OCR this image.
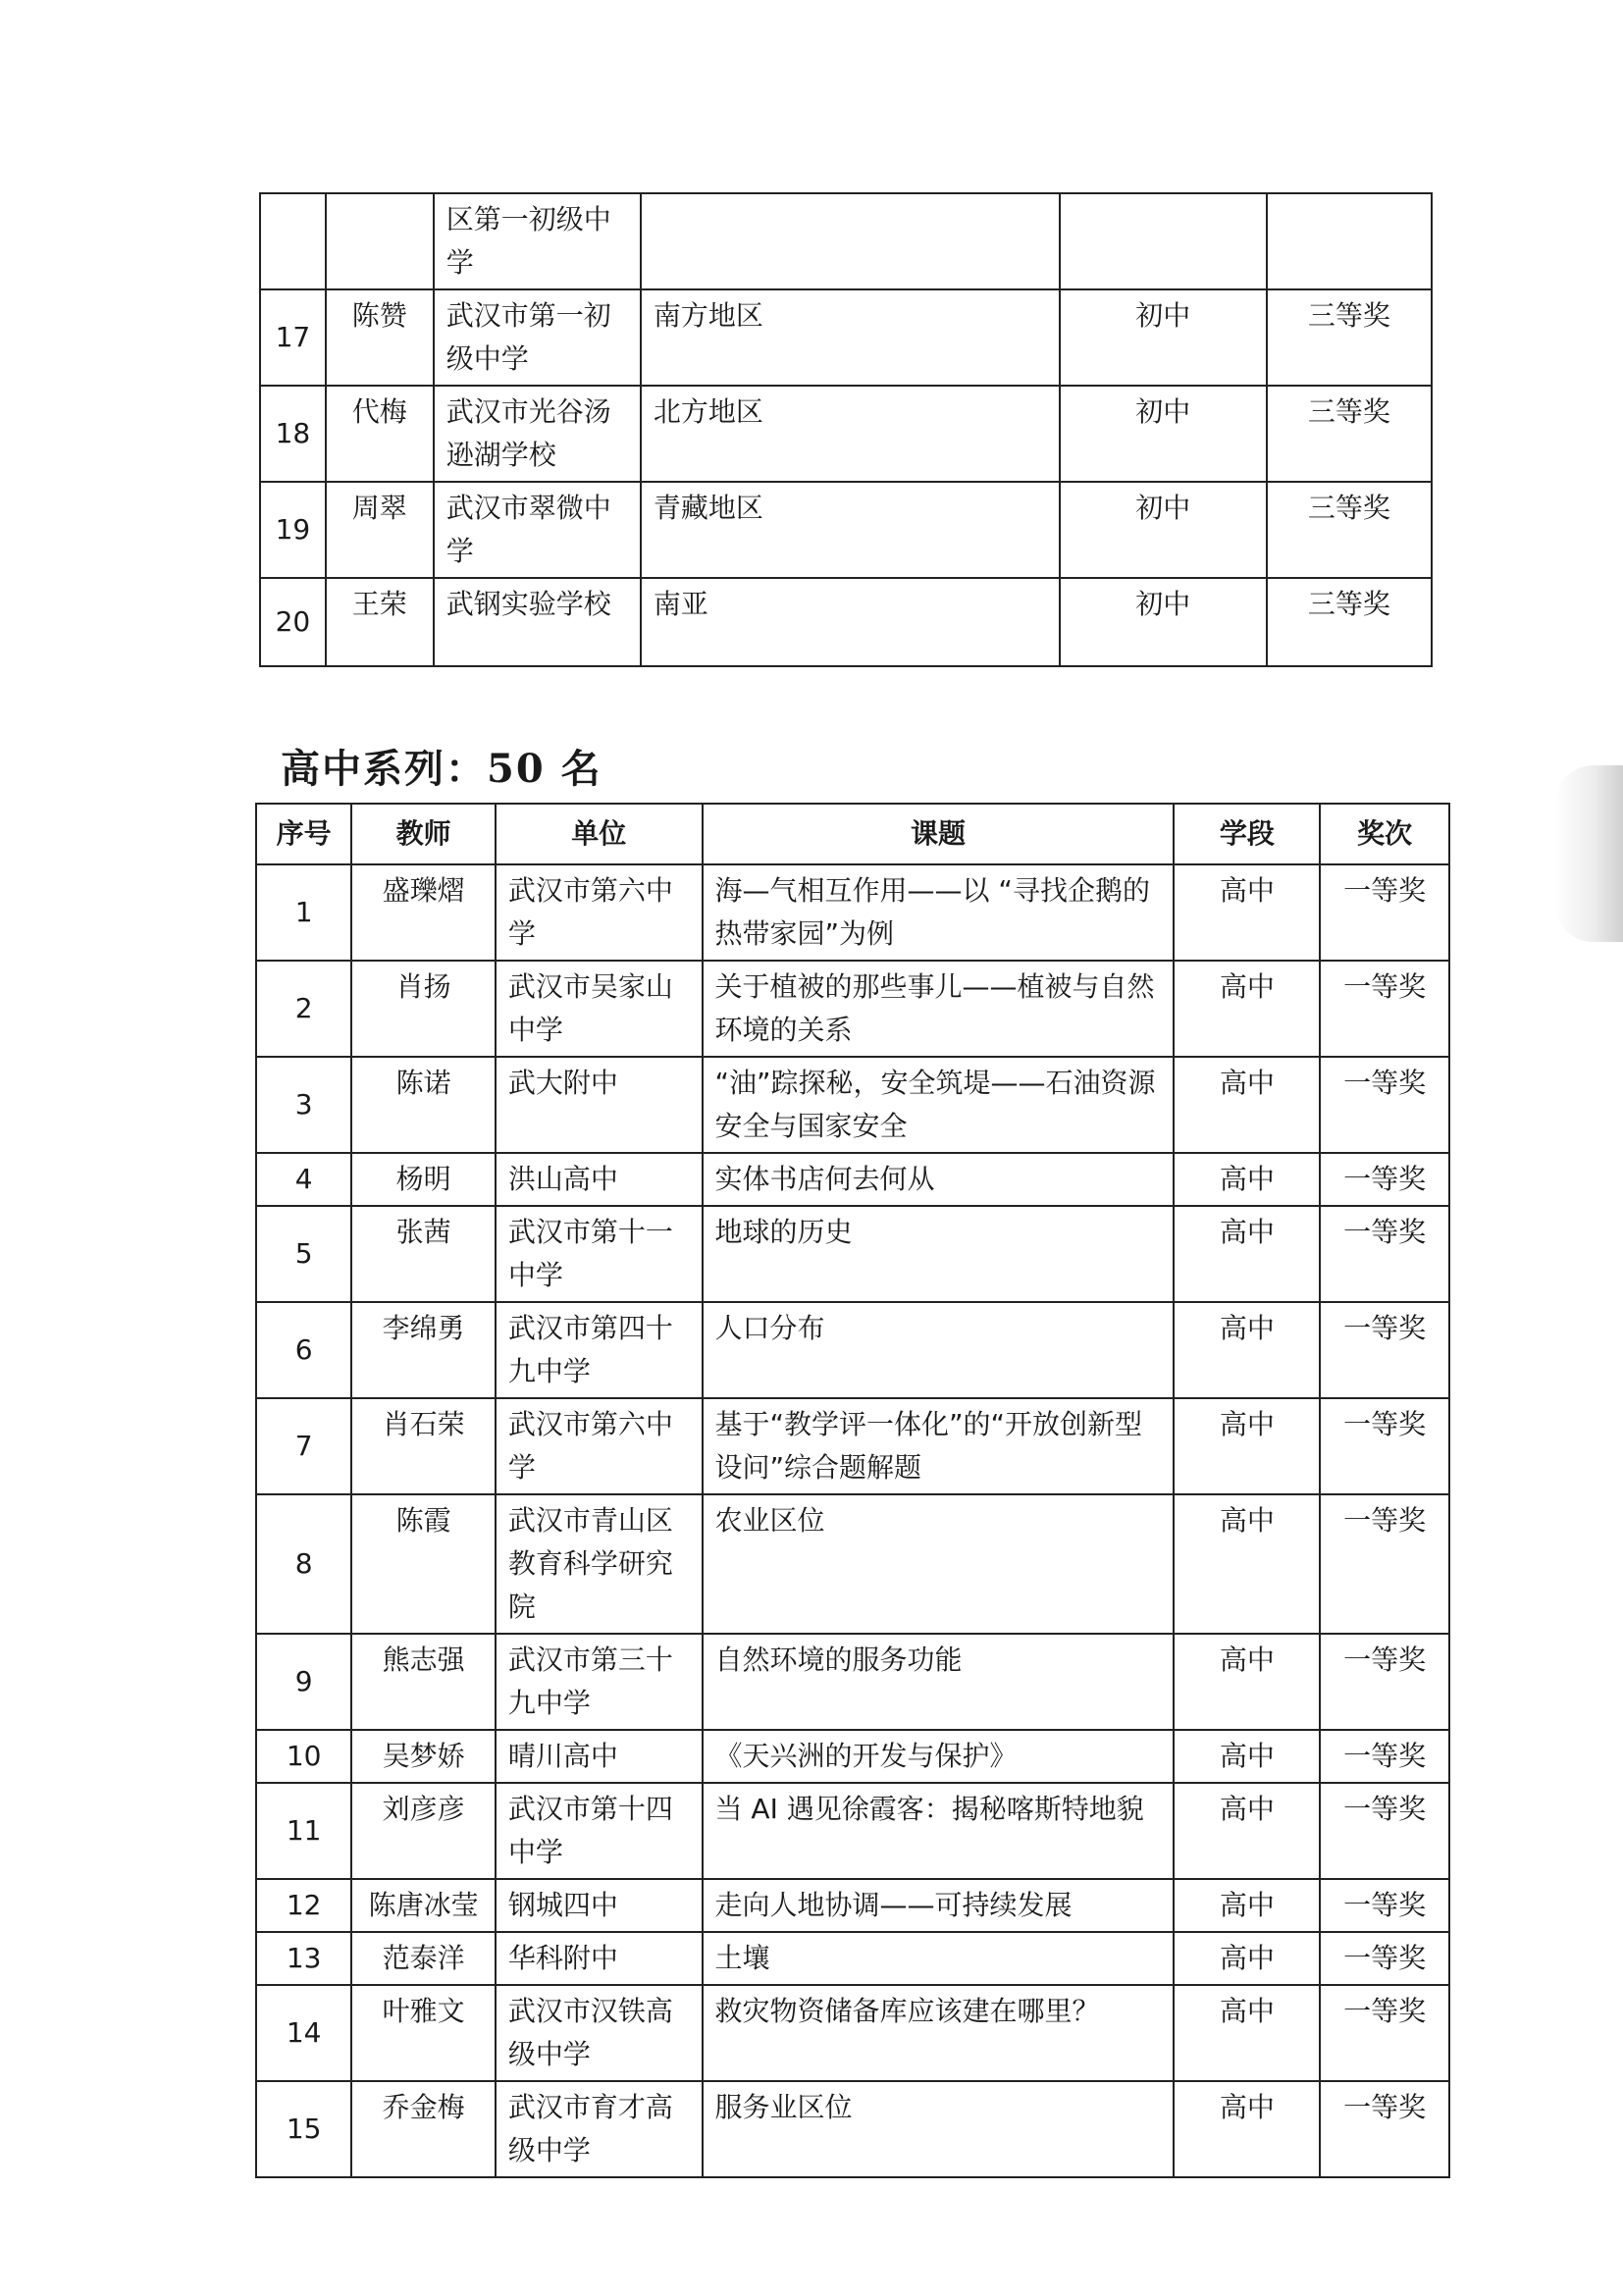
		区第一初级中学			
17	陈赞	武汉市第一初级中学	南方地区	初中	三等奖
18	代梅	武汉市光谷汤逊湖学校	北方地区	初中	三等奖
19	周翠	武汉市翠微中学	青藏地区	初中	三等奖
20	王荣	武钢实验学校	南亚	初中	三等奖
高中系列：50 名
序号	教师	单位	课题	学段	奖次
1	盛瓅熠	武汉市第六中学	海—气相互作用——以 “寻找企鹅的热带家园”为例	高中	一等奖
2	肖扬	武汉市吴家山中学	关于植被的那些事儿——植被与自然环境的关系	高中	一等奖
3	陈诺	武大附中	“油”踪探秘，安全筑堤——石油资源安全与国家安全	高中	一等奖
4	杨明	洪山高中	实体书店何去何从	高中	一等奖
5	张茜	武汉市第十一中学	地球的历史	高中	一等奖
6	李绵勇	武汉市第四十九中学	人口分布	高中	一等奖
7	肖石荣	武汉市第六中学	基于“教学评一体化”的“开放创新型设问”综合题解题	高中	一等奖
8	陈霞	武汉市青山区教育科学研究院	农业区位	高中	一等奖
9	熊志强	武汉市第三十九中学	自然环境的服务功能	高中	一等奖
10	吴梦娇	晴川高中	《天兴洲的开发与保护》	高中	一等奖
11	刘彦彦	武汉市第十四中学	当 AI 遇见徐霞客：揭秘喀斯特地貌	高中	一等奖
12	陈唐冰莹	钢城四中	走向人地协调——可持续发展	高中	一等奖
13	范泰洋	华科附中	土壤	高中	一等奖
14	叶雅文	武汉市汉铁高级中学	救灾物资储备库应该建在哪里？	高中	一等奖
15	乔金梅	武汉市育才高级中学	服务业区位	高中	一等奖
